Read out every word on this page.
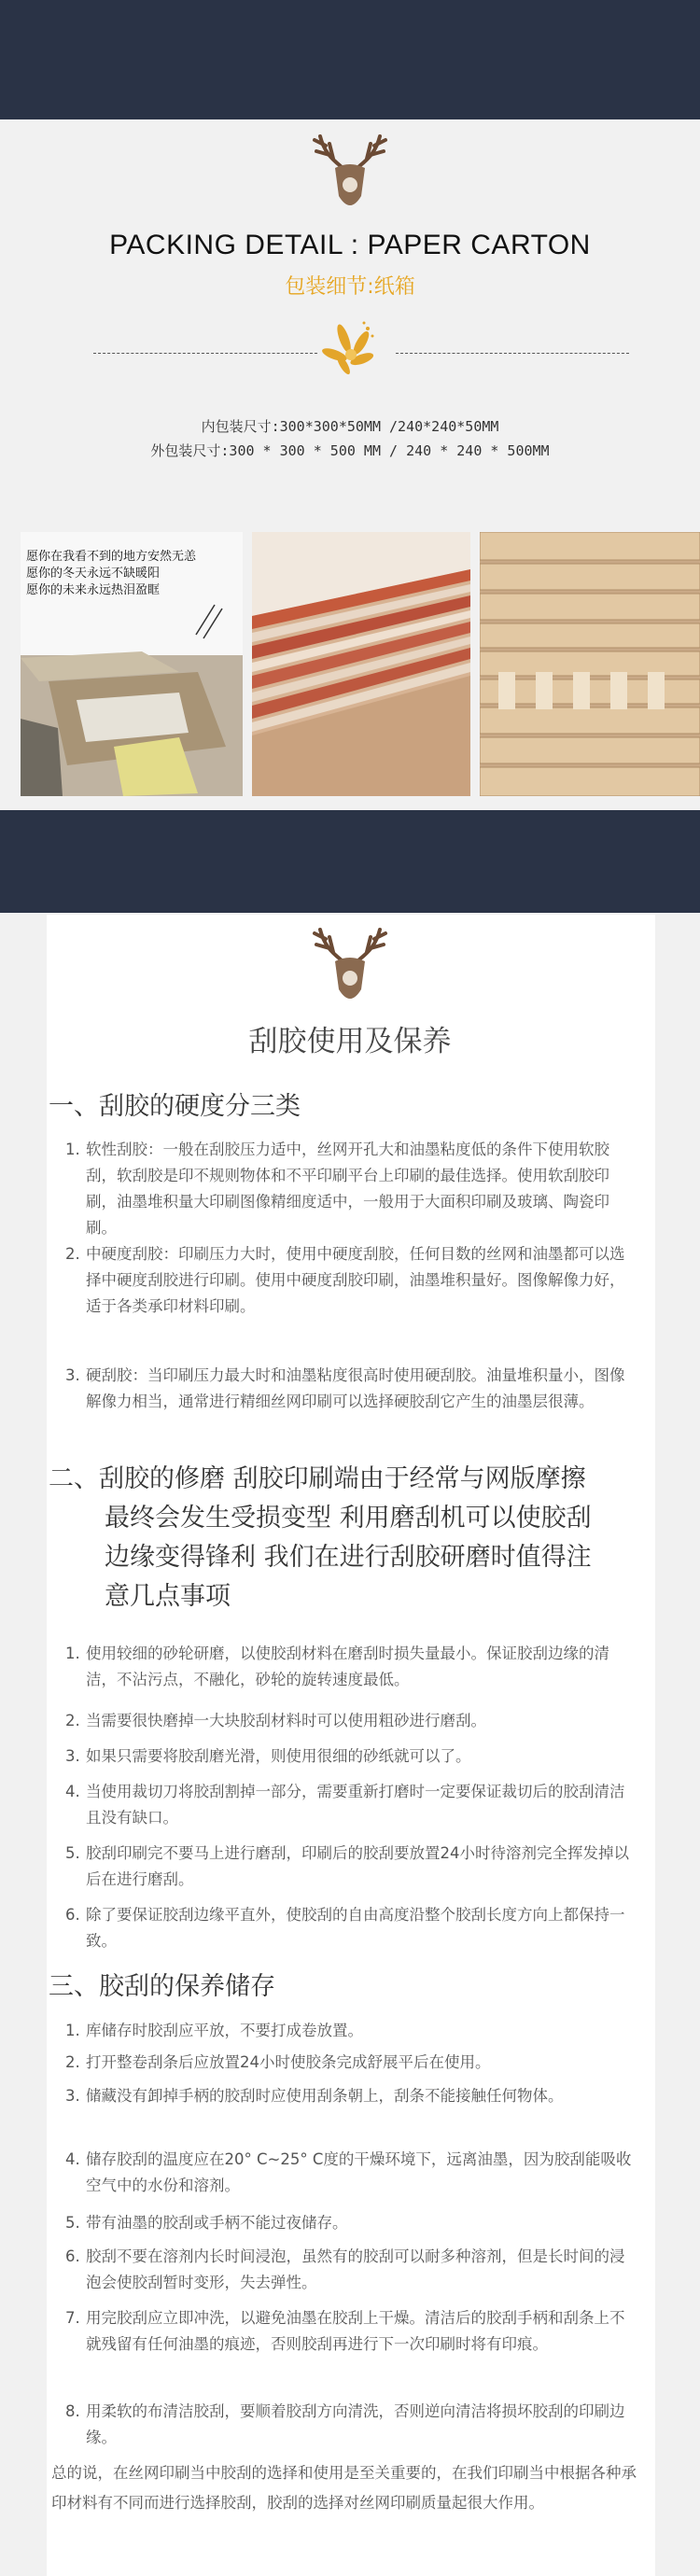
PACKING DETAIL : PAPER CARTON
包装细节:纸箱
内包装尺寸:300*300*50MM /240*240*50MM
外包装尺寸:300 * 300 * 500 MM / 240 * 240 * 500MM
愿你在我看不到的地方安然无恙
愿你的冬天永远不缺暖阳
愿你的未来永远热泪盈眶
刮胶使用及保养
一、刮胶的硬度分三类
1. 软性刮胶：一般在刮胶压力适中，丝网开孔大和油墨粘度低的条件下使用软胶刮，软刮胶是印不规则物体和不平印刷平台上印刷的最佳选择。使用软刮胶印刷，油墨堆积量大印刷图像精细度适中，一般用于大面积印刷及玻璃、陶瓷印刷。
2. 中硬度刮胶：印刷压力大时，使用中硬度刮胶，任何目数的丝网和油墨都可以选择中硬度刮胶进行印刷。使用中硬度刮胶印刷，油墨堆积量好。图像解像力好，适于各类承印材料印刷。
3. 硬刮胶：当印刷压力最大时和油墨粘度很高时使用硬刮胶。油量堆积量小，图像解像力相当，通常进行精细丝网印刷可以选择硬胶刮它产生的油墨层很薄。
二、刮胶的修磨 刮胶印刷端由于经常与网版摩擦
最终会发生受损变型 利用磨刮机可以使胶刮
边缘变得锋利 我们在进行刮胶研磨时值得注
意几点事项
1. 使用较细的砂轮研磨，以使胶刮材料在磨刮时损失量最小。保证胶刮边缘的清洁，不沾污点，不融化，砂轮的旋转速度最低。
2. 当需要很快磨掉一大块胶刮材料时可以使用粗砂进行磨刮。
3. 如果只需要将胶刮磨光滑，则使用很细的砂纸就可以了。
4. 当使用裁切刀将胶刮割掉一部分，需要重新打磨时一定要保证裁切后的胶刮清洁且没有缺口。
5. 胶刮印刷完不要马上进行磨刮，印刷后的胶刮要放置24小时待溶剂完全挥发掉以后在进行磨刮。
6. 除了要保证胶刮边缘平直外，使胶刮的自由高度沿整个胶刮长度方向上都保持一致。
三、胶刮的保养储存
1. 库储存时胶刮应平放，不要打成卷放置。
2. 打开整卷刮条后应放置24小时使胶条完成舒展平后在使用。
3. 储藏没有卸掉手柄的胶刮时应使用刮条朝上，刮条不能接触任何物体。
4. 储存胶刮的温度应在20° C~25° C度的干燥环境下，远离油墨，因为胶刮能吸收空气中的水份和溶剂。
5. 带有油墨的胶刮或手柄不能过夜储存。
6. 胶刮不要在溶剂内长时间浸泡，虽然有的胶刮可以耐多种溶剂，但是长时间的浸泡会使胶刮暂时变形，失去弹性。
7. 用完胶刮应立即冲洗，以避免油墨在胶刮上干燥。清洁后的胶刮手柄和刮条上不就残留有任何油墨的痕迹，否则胶刮再进行下一次印刷时将有印痕。
8. 用柔软的布清洁胶刮，要顺着胶刮方向清洗，否则逆向清洁将损坏胶刮的印刷边缘。
总的说，在丝网印刷当中胶刮的选择和使用是至关重要的，在我们印刷当中根据各种承印材料有不同而进行选择胶刮，胶刮的选择对丝网印刷质量起很大作用。
